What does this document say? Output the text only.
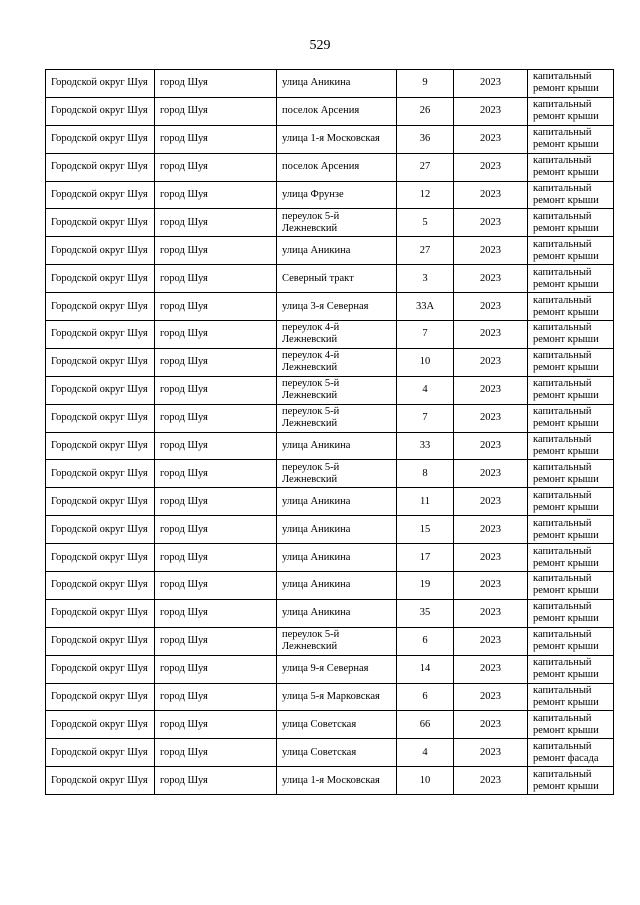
529
Городской округ Шуя	город Шуя	улица Аникина	9	2023	капитальный ремонт крыши
Городской округ Шуя	город Шуя	поселок Арсения	26	2023	капитальный ремонт крыши
Городской округ Шуя	город Шуя	улица 1-я Московская	36	2023	капитальный ремонт крыши
Городской округ Шуя	город Шуя	поселок Арсения	27	2023	капитальный ремонт крыши
Городской округ Шуя	город Шуя	улица Фрунзе	12	2023	капитальный ремонт крыши
Городской округ Шуя	город Шуя	переулок 5-й Лежневский	5	2023	капитальный ремонт крыши
Городской округ Шуя	город Шуя	улица Аникина	27	2023	капитальный ремонт крыши
Городской округ Шуя	город Шуя	Северный тракт	3	2023	капитальный ремонт крыши
Городской округ Шуя	город Шуя	улица 3-я Северная	33А	2023	капитальный ремонт крыши
Городской округ Шуя	город Шуя	переулок 4-й Лежневский	7	2023	капитальный ремонт крыши
Городской округ Шуя	город Шуя	переулок 4-й Лежневский	10	2023	капитальный ремонт крыши
Городской округ Шуя	город Шуя	переулок 5-й Лежневский	4	2023	капитальный ремонт крыши
Городской округ Шуя	город Шуя	переулок 5-й Лежневский	7	2023	капитальный ремонт крыши
Городской округ Шуя	город Шуя	улица Аникина	33	2023	капитальный ремонт крыши
Городской округ Шуя	город Шуя	переулок 5-й Лежневский	8	2023	капитальный ремонт крыши
Городской округ Шуя	город Шуя	улица Аникина	11	2023	капитальный ремонт крыши
Городской округ Шуя	город Шуя	улица Аникина	15	2023	капитальный ремонт крыши
Городской округ Шуя	город Шуя	улица Аникина	17	2023	капитальный ремонт крыши
Городской округ Шуя	город Шуя	улица Аникина	19	2023	капитальный ремонт крыши
Городской округ Шуя	город Шуя	улица Аникина	35	2023	капитальный ремонт крыши
Городской округ Шуя	город Шуя	переулок 5-й Лежневский	6	2023	капитальный ремонт крыши
Городской округ Шуя	город Шуя	улица 9-я Северная	14	2023	капитальный ремонт крыши
Городской округ Шуя	город Шуя	улица 5-я Марковская	6	2023	капитальный ремонт крыши
Городской округ Шуя	город Шуя	улица Советская	66	2023	капитальный ремонт крыши
Городской округ Шуя	город Шуя	улица Советская	4	2023	капитальный ремонт фасада
Городской округ Шуя	город Шуя	улица 1-я Московская	10	2023	капитальный ремонт крыши
